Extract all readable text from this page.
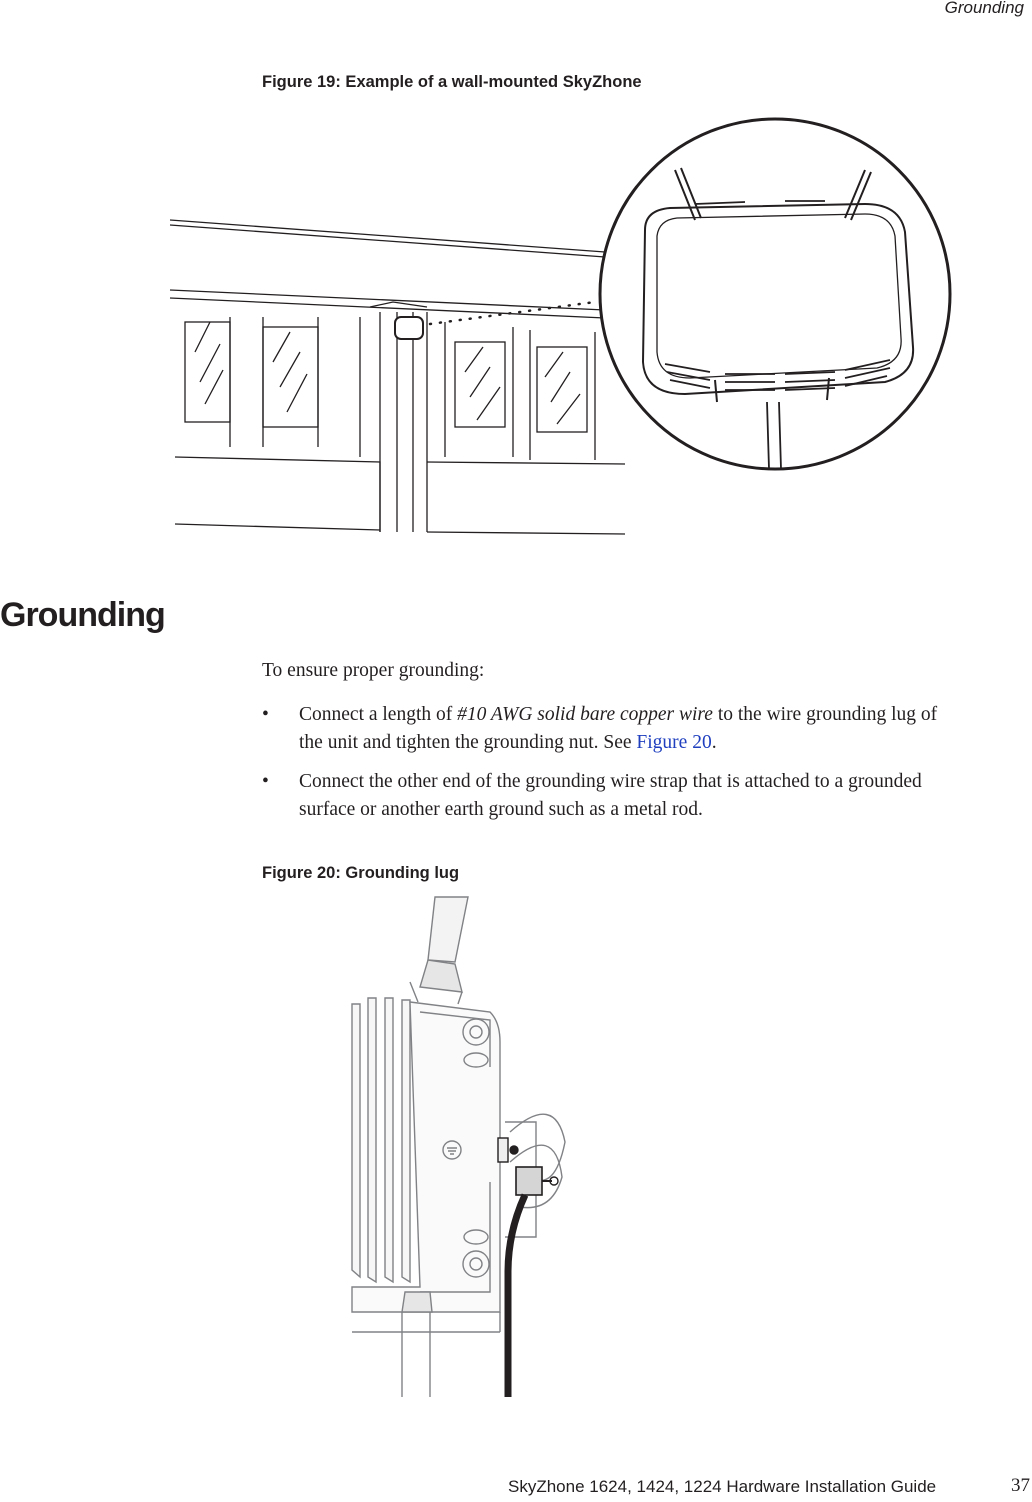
Grounding
Figure 19: Example of a wall-mounted SkyZhone
Grounding
To ensure proper grounding:
• Connect a length of #10 AWG solid bare copper wire to the wire grounding lug of the unit and tighten the grounding nut. See Figure 20.
• Connect the other end of the grounding wire strap that is attached to a grounded surface or another earth ground such as a metal rod.
Figure 20: Grounding lug
SkyZhone 1624, 1424, 1224 Hardware Installation Guide	37
